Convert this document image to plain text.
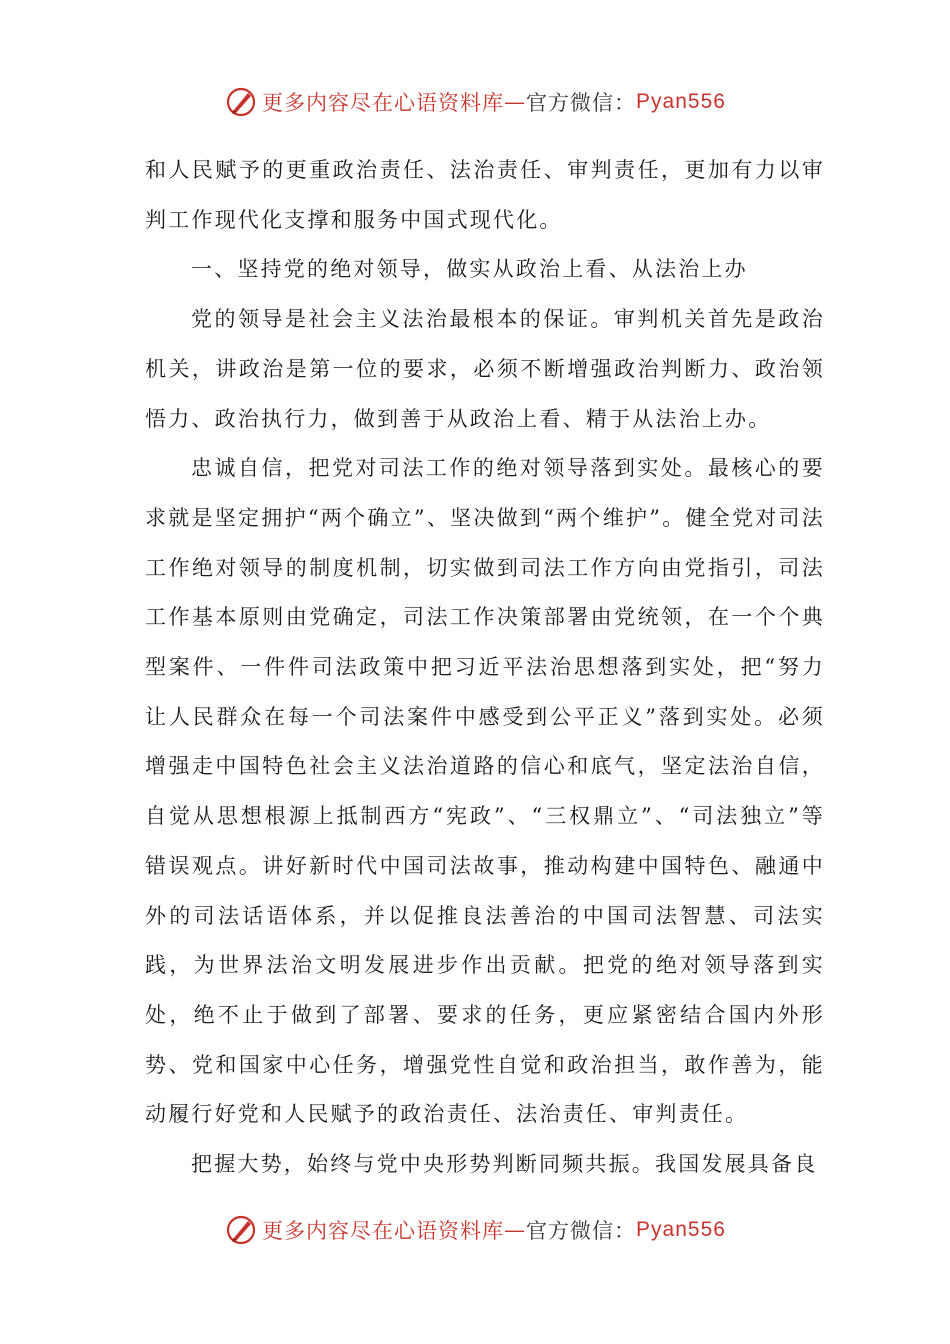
更多内容尽在心语资料库 — 官方微信： Pyan556

和人民赋予的更重政治责任、法治责任、审判责任，更加有力以审判工作现代化支撑和服务中国式现代化。

一、坚持党的绝对领导，做实从政治上看、从法治上办

党的领导是社会主义法治最根本的保证。审判机关首先是政治机关，讲政治是第一位的要求，必须不断增强政治判断力、政治领悟力、政治执行力，做到善于从政治上看、精于从法治上办。

忠诚自信，把党对司法工作的绝对领导落到实处。最核心的要求就是坚定拥护“两个确立”、坚决做到“两个维护”。健全党对司法工作绝对领导的制度机制，切实做到司法工作方向由党指引，司法工作基本原则由党确定，司法工作决策部署由党统领，在一个个典型案件、一件件司法政策中把习近平法治思想落到实处，把“努力让人民群众在每一个司法案件中感受到公平正义”落到实处。必须增强走中国特色社会主义法治道路的信心和底气，坚定法治自信，自觉从思想根源上抵制西方“宪政”、“三权鼎立”、“司法独立”等错误观点。讲好新时代中国司法故事，推动构建中国特色、融通中外的司法话语体系，并以促推良法善治的中国司法智慧、司法实践，为世界法治文明发展进步作出贡献。把党的绝对领导落到实处，绝不止于做到了部署、要求的任务，更应紧密结合国内外形势、党和国家中心任务，增强党性自觉和政治担当，敢作善为，能动履行好党和人民赋予的政治责任、法治责任、审判责任。

把握大势，始终与党中央形势判断同频共振。我国发展具备良

更多内容尽在心语资料库 — 官方微信： Pyan556
